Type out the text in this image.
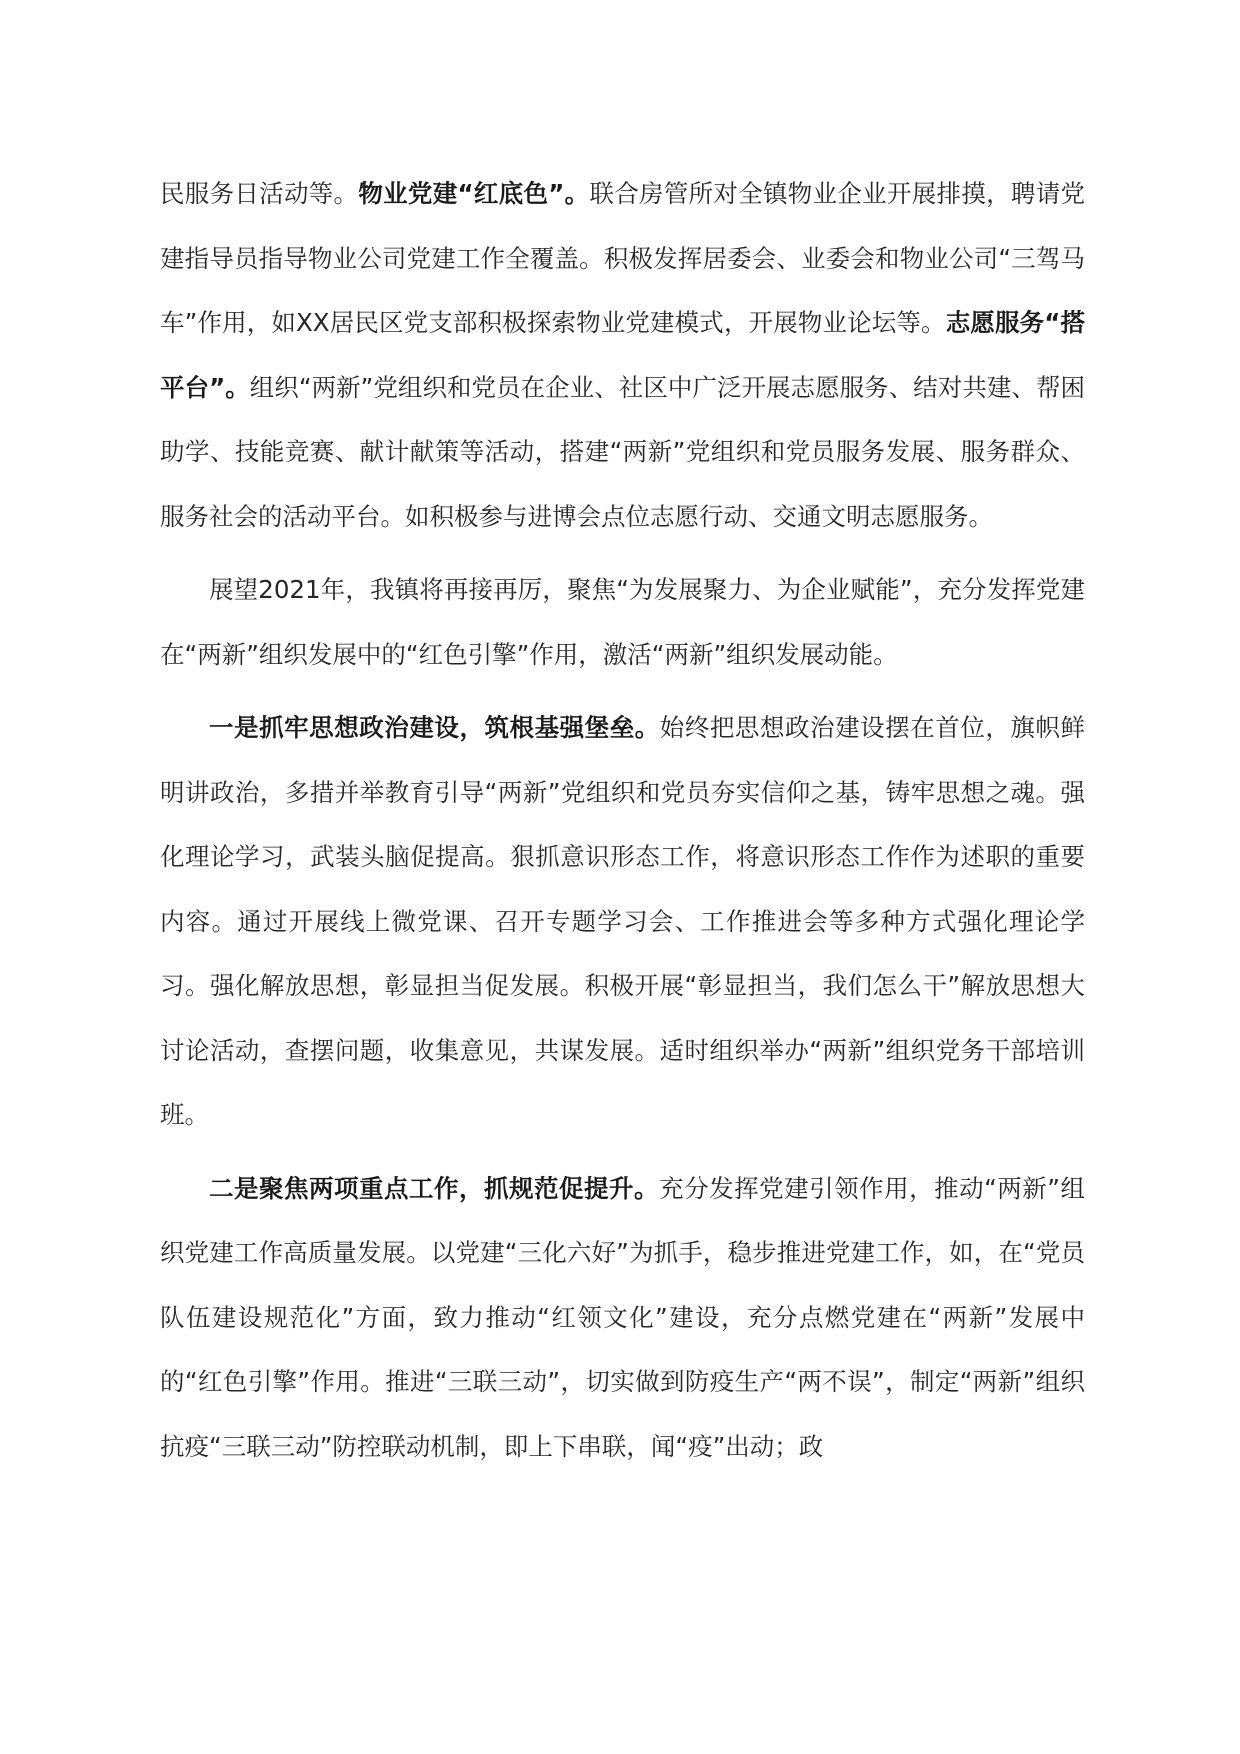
民服务日活动等。物业党建“红底色”。联合房管所对全镇物业企业开展排摸，聘请党建指导员指导物业公司党建工作全覆盖。积极发挥居委会、业委会和物业公司“三驾马车”作用，如XX居民区党支部积极探索物业党建模式，开展物业论坛等。志愿服务“搭平台”。组织“两新”党组织和党员在企业、社区中广泛开展志愿服务、结对共建、帮困助学、技能竞赛、献计献策等活动，搭建“两新”党组织和党员服务发展、服务群众、服务社会的活动平台。如积极参与进博会点位志愿行动、交通文明志愿服务。

展望2021年，我镇将再接再厉，聚焦“为发展聚力、为企业赋能”，充分发挥党建在“两新”组织发展中的“红色引擎”作用，激活“两新”组织发展动能。

一是抓牢思想政治建设，筑根基强堡垒。始终把思想政治建设摆在首位，旗帜鲜明讲政治，多措并举教育引导“两新”党组织和党员夯实信仰之基，铸牢思想之魂。强化理论学习，武装头脑促提高。狠抓意识形态工作，将意识形态工作作为述职的重要内容。通过开展线上微党课、召开专题学习会、工作推进会等多种方式强化理论学习。强化解放思想，彰显担当促发展。积极开展“彰显担当，我们怎么干”解放思想大讨论活动，查摆问题，收集意见，共谋发展。适时组织举办“两新”组织党务干部培训班。

二是聚焦两项重点工作，抓规范促提升。充分发挥党建引领作用，推动“两新”组织党建工作高质量发展。以党建“三化六好”为抓手，稳步推进党建工作，如，在“党员队伍建设规范化”方面，致力推动“红领文化”建设，充分点燃党建在“两新”发展中的“红色引擎”作用。推进“三联三动”，切实做到防疫生产“两不误”，制定“两新”组织抗疫“三联三动”防控联动机制，即上下串联，闻“疫”出动；政
